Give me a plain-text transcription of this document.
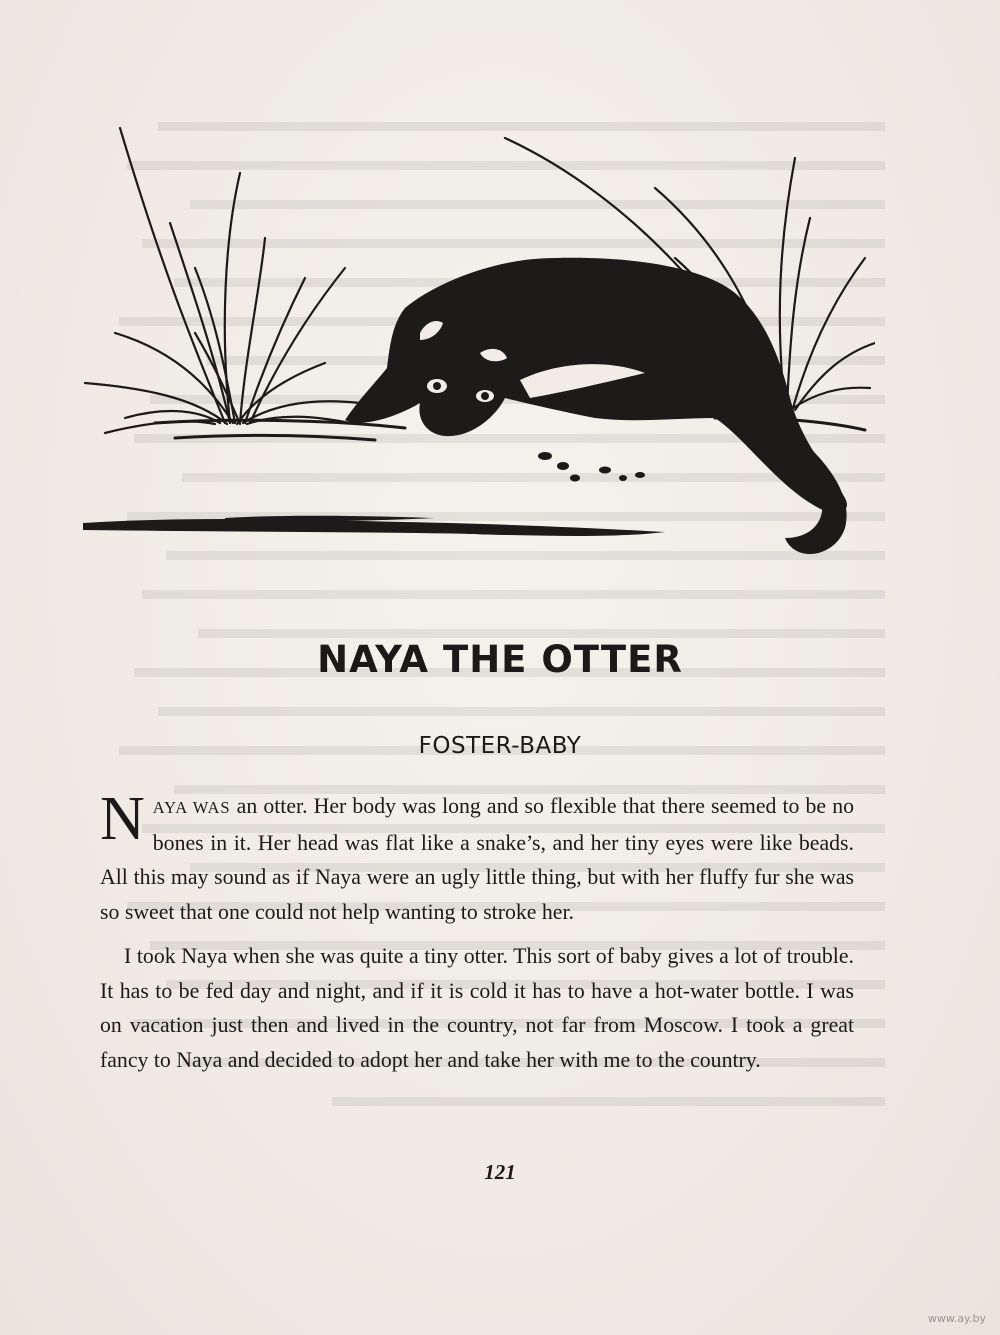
NAYA THE OTTER
FOSTER-BABY

NAYA WAS an otter. Her body was long and so flexible that there seemed to be no bones in it. Her head was flat like a snake’s, and her tiny eyes were like beads. All this may sound as if Naya were an ugly little thing, but with her fluffy fur she was so sweet that one could not help wanting to stroke her.

I took Naya when she was quite a tiny otter. This sort of baby gives a lot of trouble. It has to be fed day and night, and if it is cold it has to have a hot-water bottle. I was on vacation just then and lived in the country, not far from Moscow. I took a great fancy to Naya and decided to adopt her and take her with me to the country.

121
www.ay.by
